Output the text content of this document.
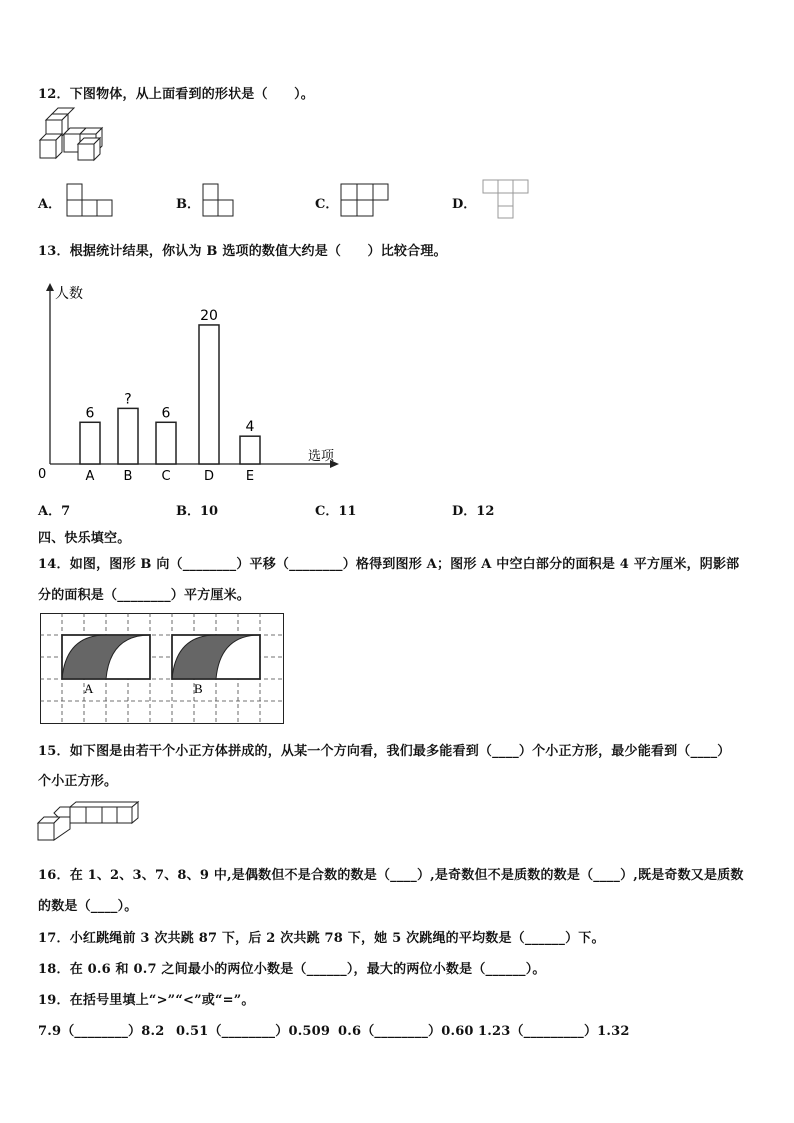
12．下图物体，从上面看到的形状是（　　）。
A．	B．	C．	D．
13．根据统计结果，你认为 B 选项的数值大约是（　　）比较合理。
人数
选项
0
6
A
?
B
6
C
20
D
4
E
A．7	B．10	C．11	D．12
四、快乐填空。
14．如图，图形 B 向（________）平移（________）格得到图形 A；图形 A 中空白部分的面积是 4 平方厘米，阴影部
分的面积是（________）平方厘米。
A	B
15．如下图是由若干个小正方体拼成的，从某一个方向看，我们最多能看到（____）个小正方形，最少能看到（____）
个小正方形。
16．在 1、2、3、7、8、9 中,是偶数但不是合数的数是（____）,是奇数但不是质数的数是（____）,既是奇数又是质数
的数是（____）。
17．小红跳绳前 3 次共跳 87 下，后 2 次共跳 78 下，她 5 次跳绳的平均数是（______）下。
18．在 0.6 和 0.7 之间最小的两位小数是（______），最大的两位小数是（______）。
19．在括号里填上“>”“<”或“=”。
7.9（________）8.2 0.51（________）0.509 0.6（________）0.60 1.23（_________）1.32
